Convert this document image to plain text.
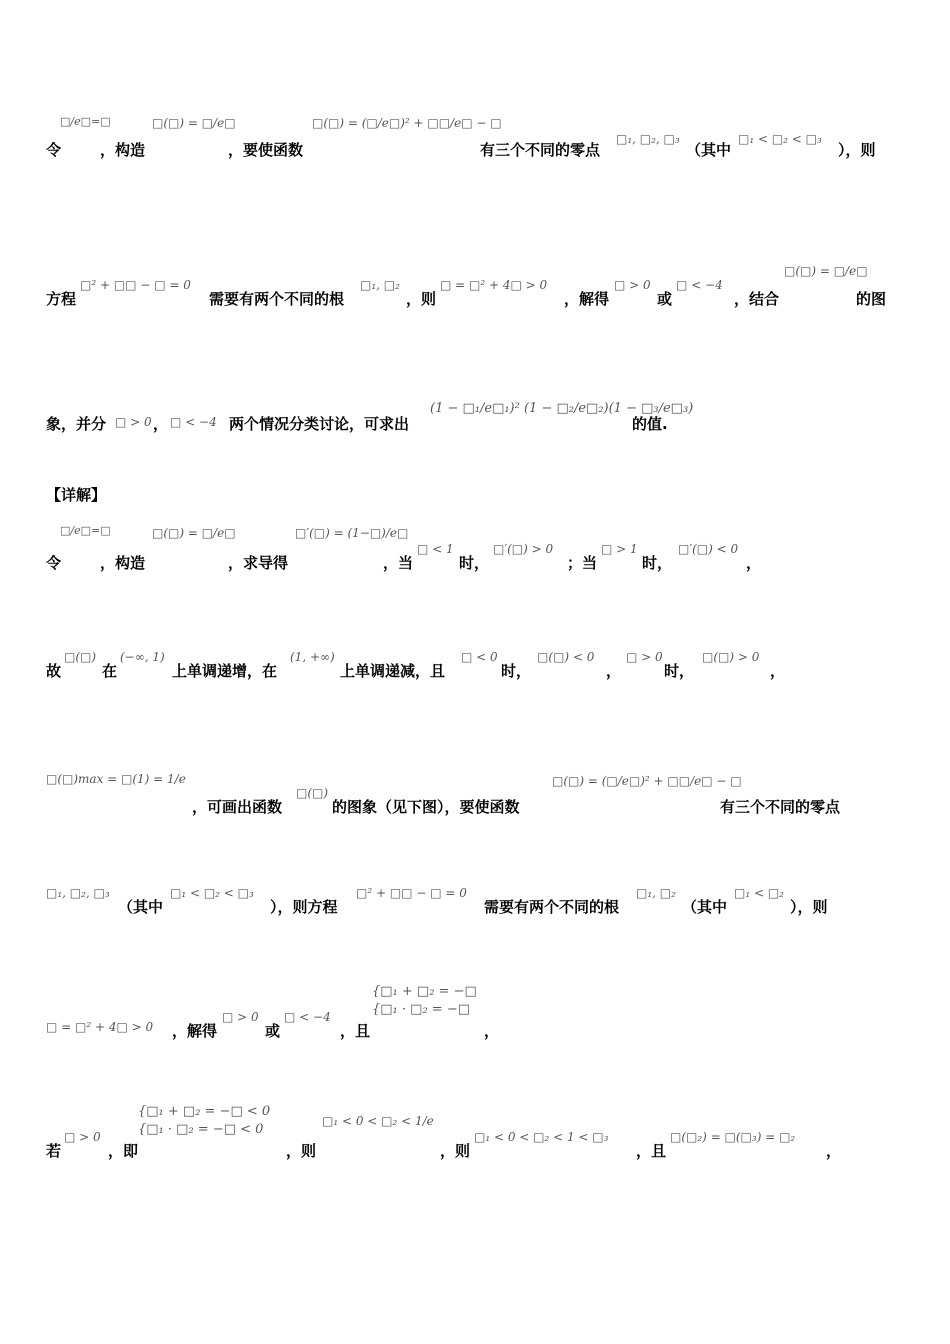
□/e□=□
令	，构造
□(□) = □/e□
，要使函数
□(□) = (□/e□)² + □□/e□ − □
有三个不同的零点
□₁, □₂, □₃
（其中
□₁ < □₂ < □₃
），则
方程
□² + □□ − □ = 0
需要有两个不同的根
□₁, □₂
，则
□ = □² + 4□ > 0
，解得
□ > 0
或
□ < −4
，结合
□(□) = □/e□
的图
象，并分 □ > 0 ， □ < −4 两个情况分类讨论，可求出
(1 − □₁/e□₁)² (1 − □₂/e□₂)(1 − □₃/e□₃)
的值.
【详解】
□/e□=□
令	，构造
□(□) = □/e□
，求导得
□′(□) = (1−□)/e□
，当
□ < 1
时，
□′(□) > 0
；当
□ > 1
时，
□′(□) < 0
，
故
□(□)
在
(−∞, 1)
上单调递增，在
(1, +∞)
上单调递减，且
□ < 0
时，
□(□) < 0
，
□ > 0
时，
□(□) > 0
，
□(□)max = □(1) = 1/e
，可画出函数
□(□)
的图象（见下图），要使函数
□(□) = (□/e□)² + □□/e□ − □
有三个不同的零点
□₁, □₂, □₃
（其中
□₁ < □₂ < □₃
），则方程
□² + □□ − □ = 0
需要有两个不同的根
□₁, □₂
（其中
□₁ < □₂
），则
□ = □² + 4□ > 0 ，解得
□ > 0
或
□ < −4
，且
{□₁ + □₂ = −□
{□₁ · □₂ = −□
，
若
□ > 0
，即
{□₁ + □₂ = −□ < 0
{□₁ · □₂ = −□ < 0
，则
□₁ < 0 < □₂ < 1/e
，则
□₁ < 0 < □₂ < 1 < □₃
，且
□(□₂) = □(□₃) = □₂
，
